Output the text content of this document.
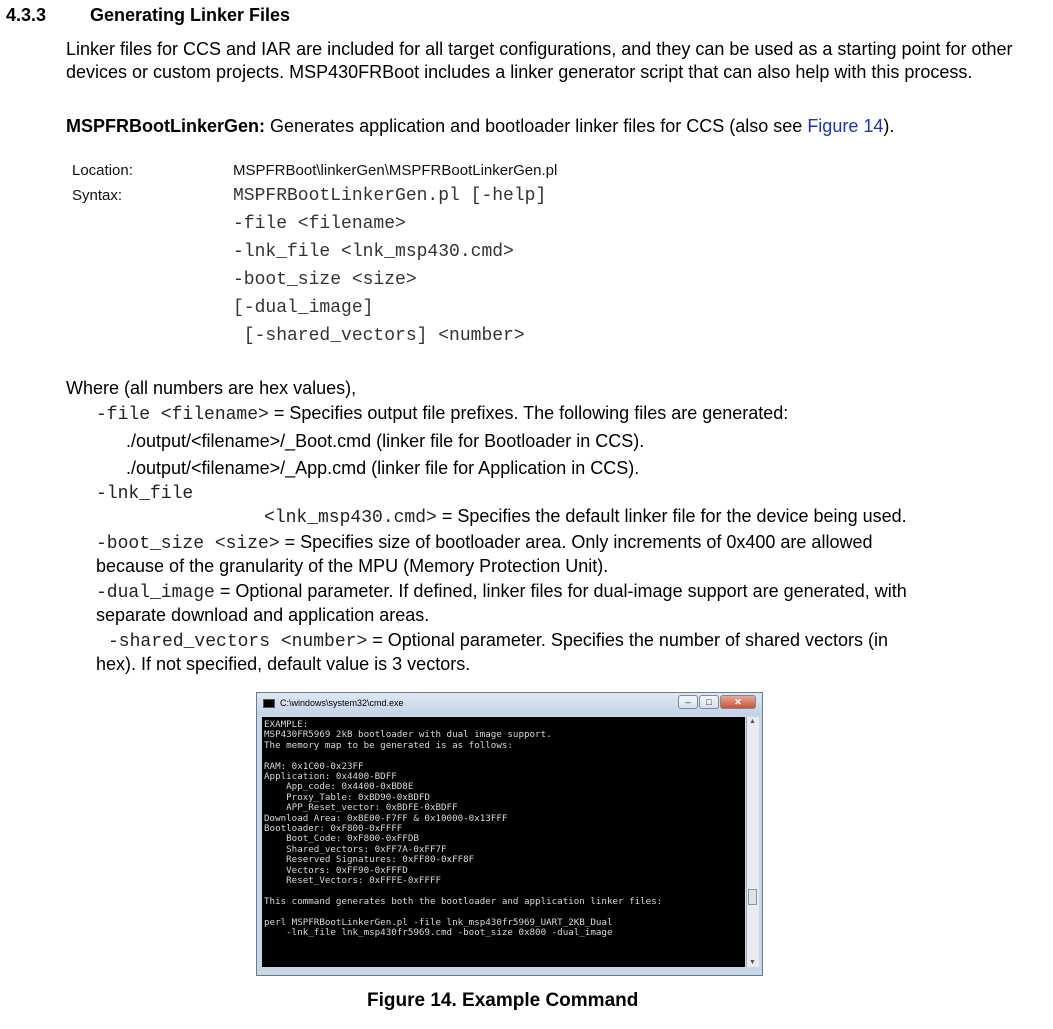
4.3.3 Generating Linker Files
Linker files for CCS and IAR are included for all target configurations, and they can be used as a starting point for other devices or custom projects. MSP430FRBoot includes a linker generator script that can also help with this process.
MSPFRBootLinkerGen: Generates application and bootloader linker files for CCS (also see Figure 14).
Location:	MSPFRBoot\linkerGen\MSPFRBootLinkerGen.pl
Syntax:	MSPFRBootLinkerGen.pl [-help]
-file <filename>
-lnk_file <lnk_msp430.cmd>
-boot_size <size>
[-dual_image]
[-shared_vectors] <number>
Where (all numbers are hex values),
-file <filename> = Specifies output file prefixes. The following files are generated:
./output/<filename>/_Boot.cmd (linker file for Bootloader in CCS).
./output/<filename>/_App.cmd (linker file for Application in CCS).
-lnk_file
<lnk_msp430.cmd> = Specifies the default linker file for the device being used.
-boot_size <size> = Specifies size of bootloader area. Only increments of 0x400 are allowed
because of the granularity of the MPU (Memory Protection Unit).
-dual_image = Optional parameter. If defined, linker files for dual-image support are generated, with
separate download and application areas.
-shared_vectors <number> = Optional parameter. Specifies the number of shared vectors (in
hex). If not specified, default value is 3 vectors.
C:\windows\system32\cmd.exe	–	□	✕
EXAMPLE:
MSP430FR5969 2kB bootloader with dual image support.
The memory map to be generated is as follows:

RAM: 0x1C00-0x23FF
Application: 0x4400-BDFF
App_code: 0x4400-0xBD8E
Proxy_Table: 0xBD90-0xBDFD
APP_Reset_vector: 0xBDFE-0xBDFF
Download Area: 0xBE00-F7FF & 0x10000-0x13FFF
Bootloader: 0xF800-0xFFFF
Boot_Code: 0xF800-0xFFDB
Shared_vectors: 0xFF7A-0xFF7F
Reserved Signatures: 0xFF80-0xFF8F
Vectors: 0xFF90-0xFFFD
Reset_Vectors: 0xFFFE-0xFFFF

This command generates both the bootloader and application linker files:

perl MSPFRBootLinkerGen.pl -file lnk_msp430fr5969_UART_2KB_Dual
-lnk_file lnk_msp430fr5969.cmd -boot_size 0x800 -dual_image
▲
▼
Figure 14. Example Command
